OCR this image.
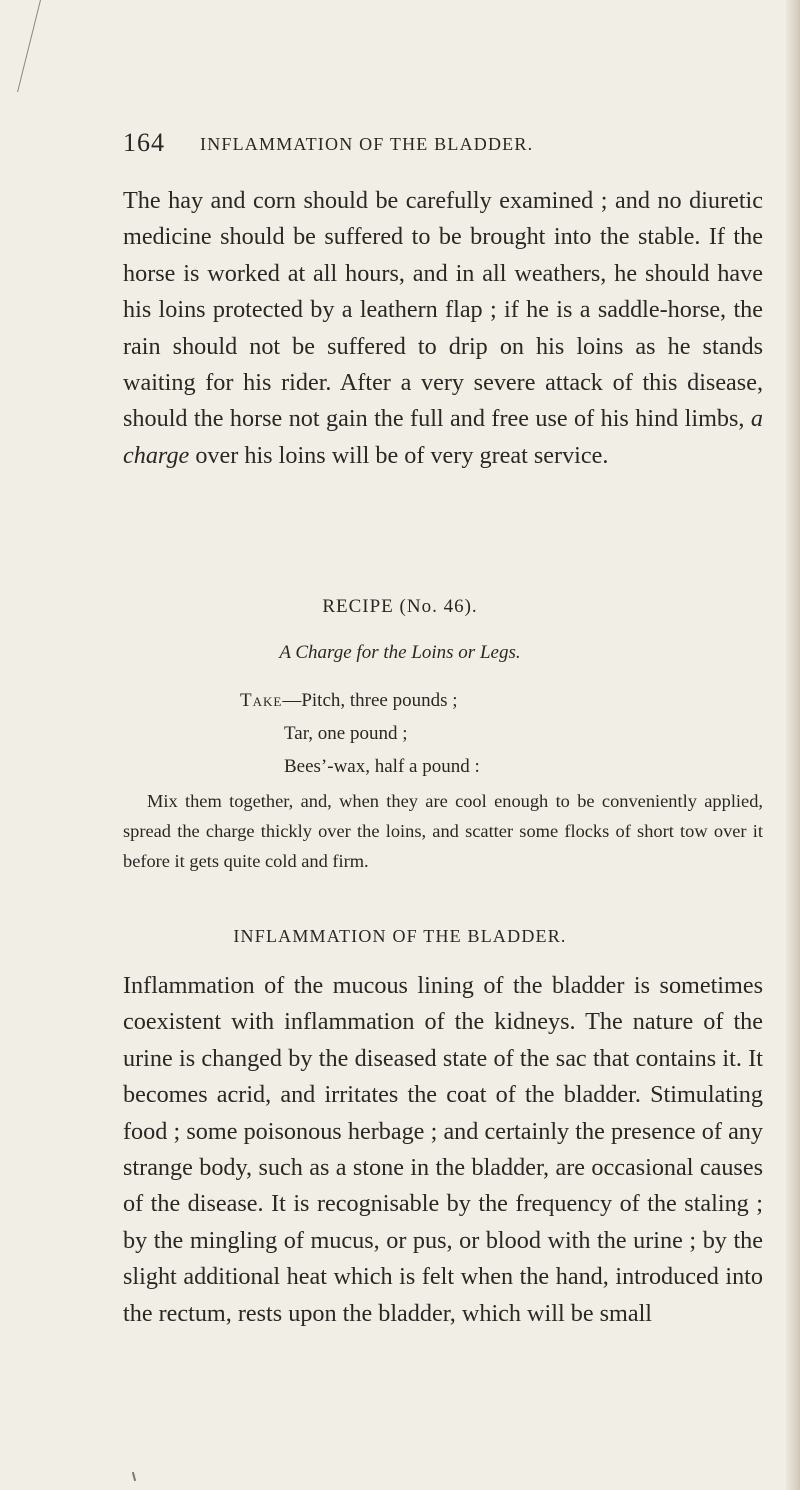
164 INFLAMMATION OF THE BLADDER.

The hay and corn should be carefully examined ; and no diuretic medicine should be suffered to be brought into the stable. If the horse is worked at all hours, and in all weathers, he should have his loins protected by a leathern flap ; if he is a saddle-horse, the rain should not be suffered to drip on his loins as he stands waiting for his rider. After a very severe attack of this disease, should the horse not gain the full and free use of his hind limbs, a charge over his loins will be of very great service.

RECIPE (No. 46).
A Charge for the Loins or Legs.
Take—Pitch, three pounds ;
Tar, one pound ;
Bees’-wax, half a pound :

Mix them together, and, when they are cool enough to be conveniently applied, spread the charge thickly over the loins, and scatter some flocks of short tow over it before it gets quite cold and firm.

INFLAMMATION OF THE BLADDER.

Inflammation of the mucous lining of the bladder is sometimes coexistent with inflammation of the kidneys. The nature of the urine is changed by the diseased state of the sac that contains it. It becomes acrid, and irritates the coat of the bladder. Stimulating food ; some poisonous herbage ; and certainly the presence of any strange body, such as a stone in the bladder, are occasional causes of the disease. It is recognisable by the frequency of the staling ; by the mingling of mucus, or pus, or blood with the urine ; by the slight additional heat which is felt when the hand, introduced into the rectum, rests upon the bladder, which will be small
